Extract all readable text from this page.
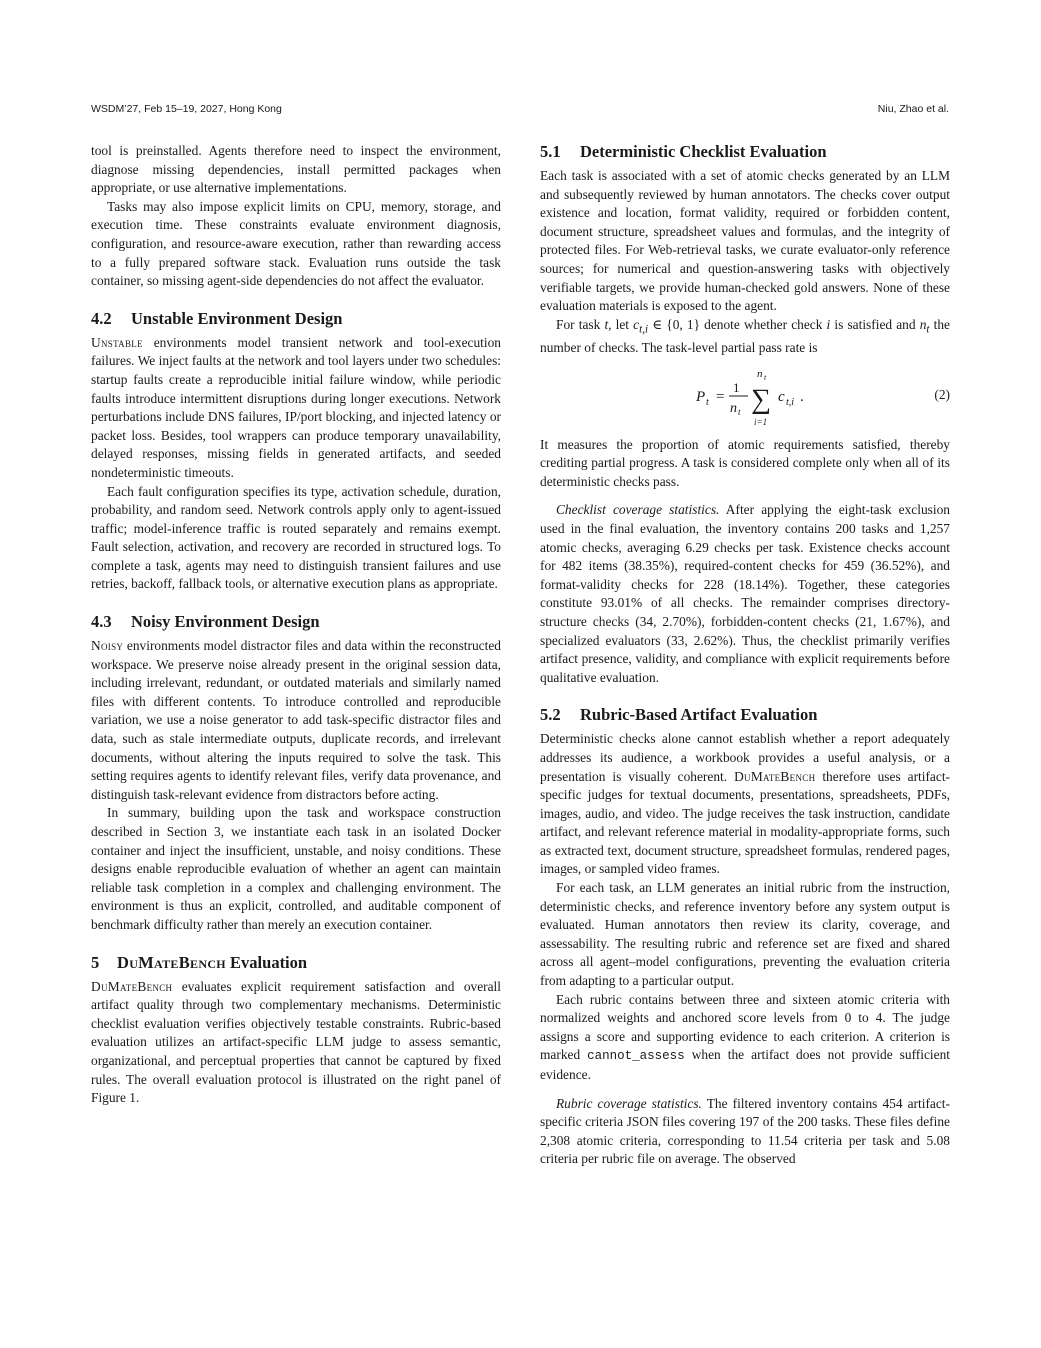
WSDM’27, Feb 15–19, 2027, Hong Kong	Niu, Zhao et al.

tool is preinstalled. Agents therefore need to inspect the environment, diagnose missing dependencies, install permitted packages when appropriate, or use alternative implementations.

Tasks may also impose explicit limits on CPU, memory, storage, and execution time. These constraints evaluate environment diagnosis, configuration, and resource-aware execution, rather than rewarding access to a fully prepared software stack. Evaluation runs outside the task container, so missing agent-side dependencies do not affect the evaluator.

4.2 Unstable Environment Design

Unstable environments model transient network and tool-execution failures. We inject faults at the network and tool layers under two schedules: startup faults create a reproducible initial failure window, while periodic faults introduce intermittent disruptions during longer executions. Network perturbations include DNS failures, IP/port blocking, and injected latency or packet loss. Besides, tool wrappers can produce temporary unavailability, delayed responses, missing fields in generated artifacts, and seeded nondeterministic timeouts.

Each fault configuration specifies its type, activation schedule, duration, probability, and random seed. Network controls apply only to agent-issued traffic; model-inference traffic is routed separately and remains exempt. Fault selection, activation, and recovery are recorded in structured logs. To complete a task, agents may need to distinguish transient failures and use retries, backoff, fallback tools, or alternative execution plans as appropriate.

4.3 Noisy Environment Design

Noisy environments model distractor files and data within the reconstructed workspace. We preserve noise already present in the original session data, including irrelevant, redundant, or outdated materials and similarly named files with different contents. To introduce controlled and reproducible variation, we use a noise generator to add task-specific distractor files and data, such as stale intermediate outputs, duplicate records, and irrelevant documents, without altering the inputs required to solve the task. This setting requires agents to identify relevant files, verify data provenance, and distinguish task-relevant evidence from distractors before acting.

In summary, building upon the task and workspace construction described in Section 3, we instantiate each task in an isolated Docker container and inject the insufficient, unstable, and noisy conditions. These designs enable reproducible evaluation of whether an agent can maintain reliable task completion in a complex and challenging environment. The environment is thus an explicit, controlled, and auditable component of benchmark difficulty rather than merely an execution container.

5 DuMateBench Evaluation

DuMateBench evaluates explicit requirement satisfaction and overall artifact quality through two complementary mechanisms. Deterministic checklist evaluation verifies objectively testable constraints. Rubric-based evaluation utilizes an artifact-specific LLM judge to assess semantic, organizational, and perceptual properties that cannot be captured by fixed rules. The overall evaluation protocol is illustrated on the right panel of Figure 1.

5.1 Deterministic Checklist Evaluation

Each task is associated with a set of atomic checks generated by an LLM and subsequently reviewed by human annotators. The checks cover output existence and location, format validity, required or forbidden content, document structure, spreadsheet values and formulas, and the integrity of protected files. For Web-retrieval tasks, we curate evaluator-only reference sources; for numerical and question-answering tasks with objectively verifiable targets, we provide human-checked gold answers. None of these evaluation materials is exposed to the agent.

For task t, let $c_{t,i}$ ∈ {0, 1} denote whether check i is satisfied and $n_t$ the number of checks. The task-level partial pass rate is

P t =
1
n t
n t
∑
i=1
c t,i .	(2)

It measures the proportion of atomic requirements satisfied, thereby crediting partial progress. A task is considered complete only when all of its deterministic checks pass.

Checklist coverage statistics. After applying the eight-task exclusion used in the final evaluation, the inventory contains 200 tasks and 1,257 atomic checks, averaging 6.29 checks per task. Existence checks account for 482 items (38.35%), required-content checks for 459 (36.52%), and format-validity checks for 228 (18.14%). Together, these categories constitute 93.01% of all checks. The remainder comprises directory-structure checks (34, 2.70%), forbidden-content checks (21, 1.67%), and specialized evaluators (33, 2.62%). Thus, the checklist primarily verifies artifact presence, validity, and compliance with explicit requirements before qualitative evaluation.

5.2 Rubric-Based Artifact Evaluation

Deterministic checks alone cannot establish whether a report adequately addresses its audience, a workbook provides a useful analysis, or a presentation is visually coherent. DuMateBench therefore uses artifact-specific judges for textual documents, presentations, spreadsheets, PDFs, images, audio, and video. The judge receives the task instruction, candidate artifact, and relevant reference material in modality-appropriate forms, such as extracted text, document structure, spreadsheet formulas, rendered pages, images, or sampled video frames.

For each task, an LLM generates an initial rubric from the instruction, deterministic checks, and reference inventory before any system output is evaluated. Human annotators then review its clarity, coverage, and assessability. The resulting rubric and reference set are fixed and shared across all agent–model configurations, preventing the evaluation criteria from adapting to a particular output.

Each rubric contains between three and sixteen atomic criteria with normalized weights and anchored score levels from 0 to 4. The judge assigns a score and supporting evidence to each criterion. A criterion is marked cannot_assess when the artifact does not provide sufficient evidence.

Rubric coverage statistics. The filtered inventory contains 454 artifact-specific criteria JSON files covering 197 of the 200 tasks. These files define 2,308 atomic criteria, corresponding to 11.54 criteria per task and 5.08 criteria per rubric file on average. The observed
